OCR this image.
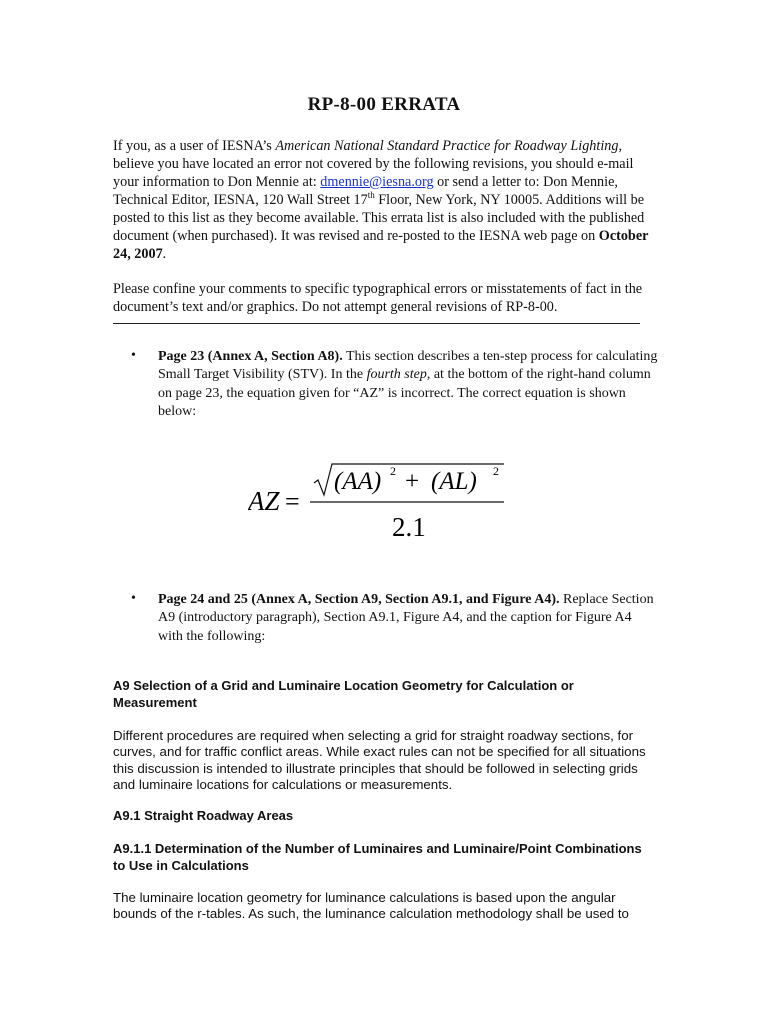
RP-8-00 ERRATA
If you, as a user of IESNA’s American National Standard Practice for Roadway Lighting, believe you have located an error not covered by the following revisions, you should e-mail your information to Don Mennie at: dmennie@iesna.org or send a letter to: Don Mennie, Technical Editor, IESNA, 120 Wall Street 17th Floor, New York, NY 10005. Additions will be posted to this list as they become available. This errata list is also included with the published document (when purchased). It was revised and re-posted to the IESNA web page on October 24, 2007.
Please confine your comments to specific typographical errors or misstatements of fact in the document’s text and/or graphics. Do not attempt general revisions of RP-8-00.
• Page 23 (Annex A, Section A8). This section describes a ten-step process for calculating Small Target Visibility (STV). In the fourth step, at the bottom of the right-hand column on page 23, the equation given for “AZ” is incorrect. The correct equation is shown below:
AZ =
(AA) 2 + (AL) 2
2.1
• Page 24 and 25 (Annex A, Section A9, Section A9.1, and Figure A4). Replace Section A9 (introductory paragraph), Section A9.1, Figure A4, and the caption for Figure A4 with the following:
A9 Selection of a Grid and Luminaire Location Geometry for Calculation or Measurement
Different procedures are required when selecting a grid for straight roadway sections, for curves, and for traffic conflict areas. While exact rules can not be specified for all situations this discussion is intended to illustrate principles that should be followed in selecting grids and luminaire locations for calculations or measurements.
A9.1 Straight Roadway Areas
A9.1.1 Determination of the Number of Luminaires and Luminaire/Point Combinations to Use in Calculations
The luminaire location geometry for luminance calculations is based upon the angular bounds of the r-tables. As such, the luminance calculation methodology shall be used to
